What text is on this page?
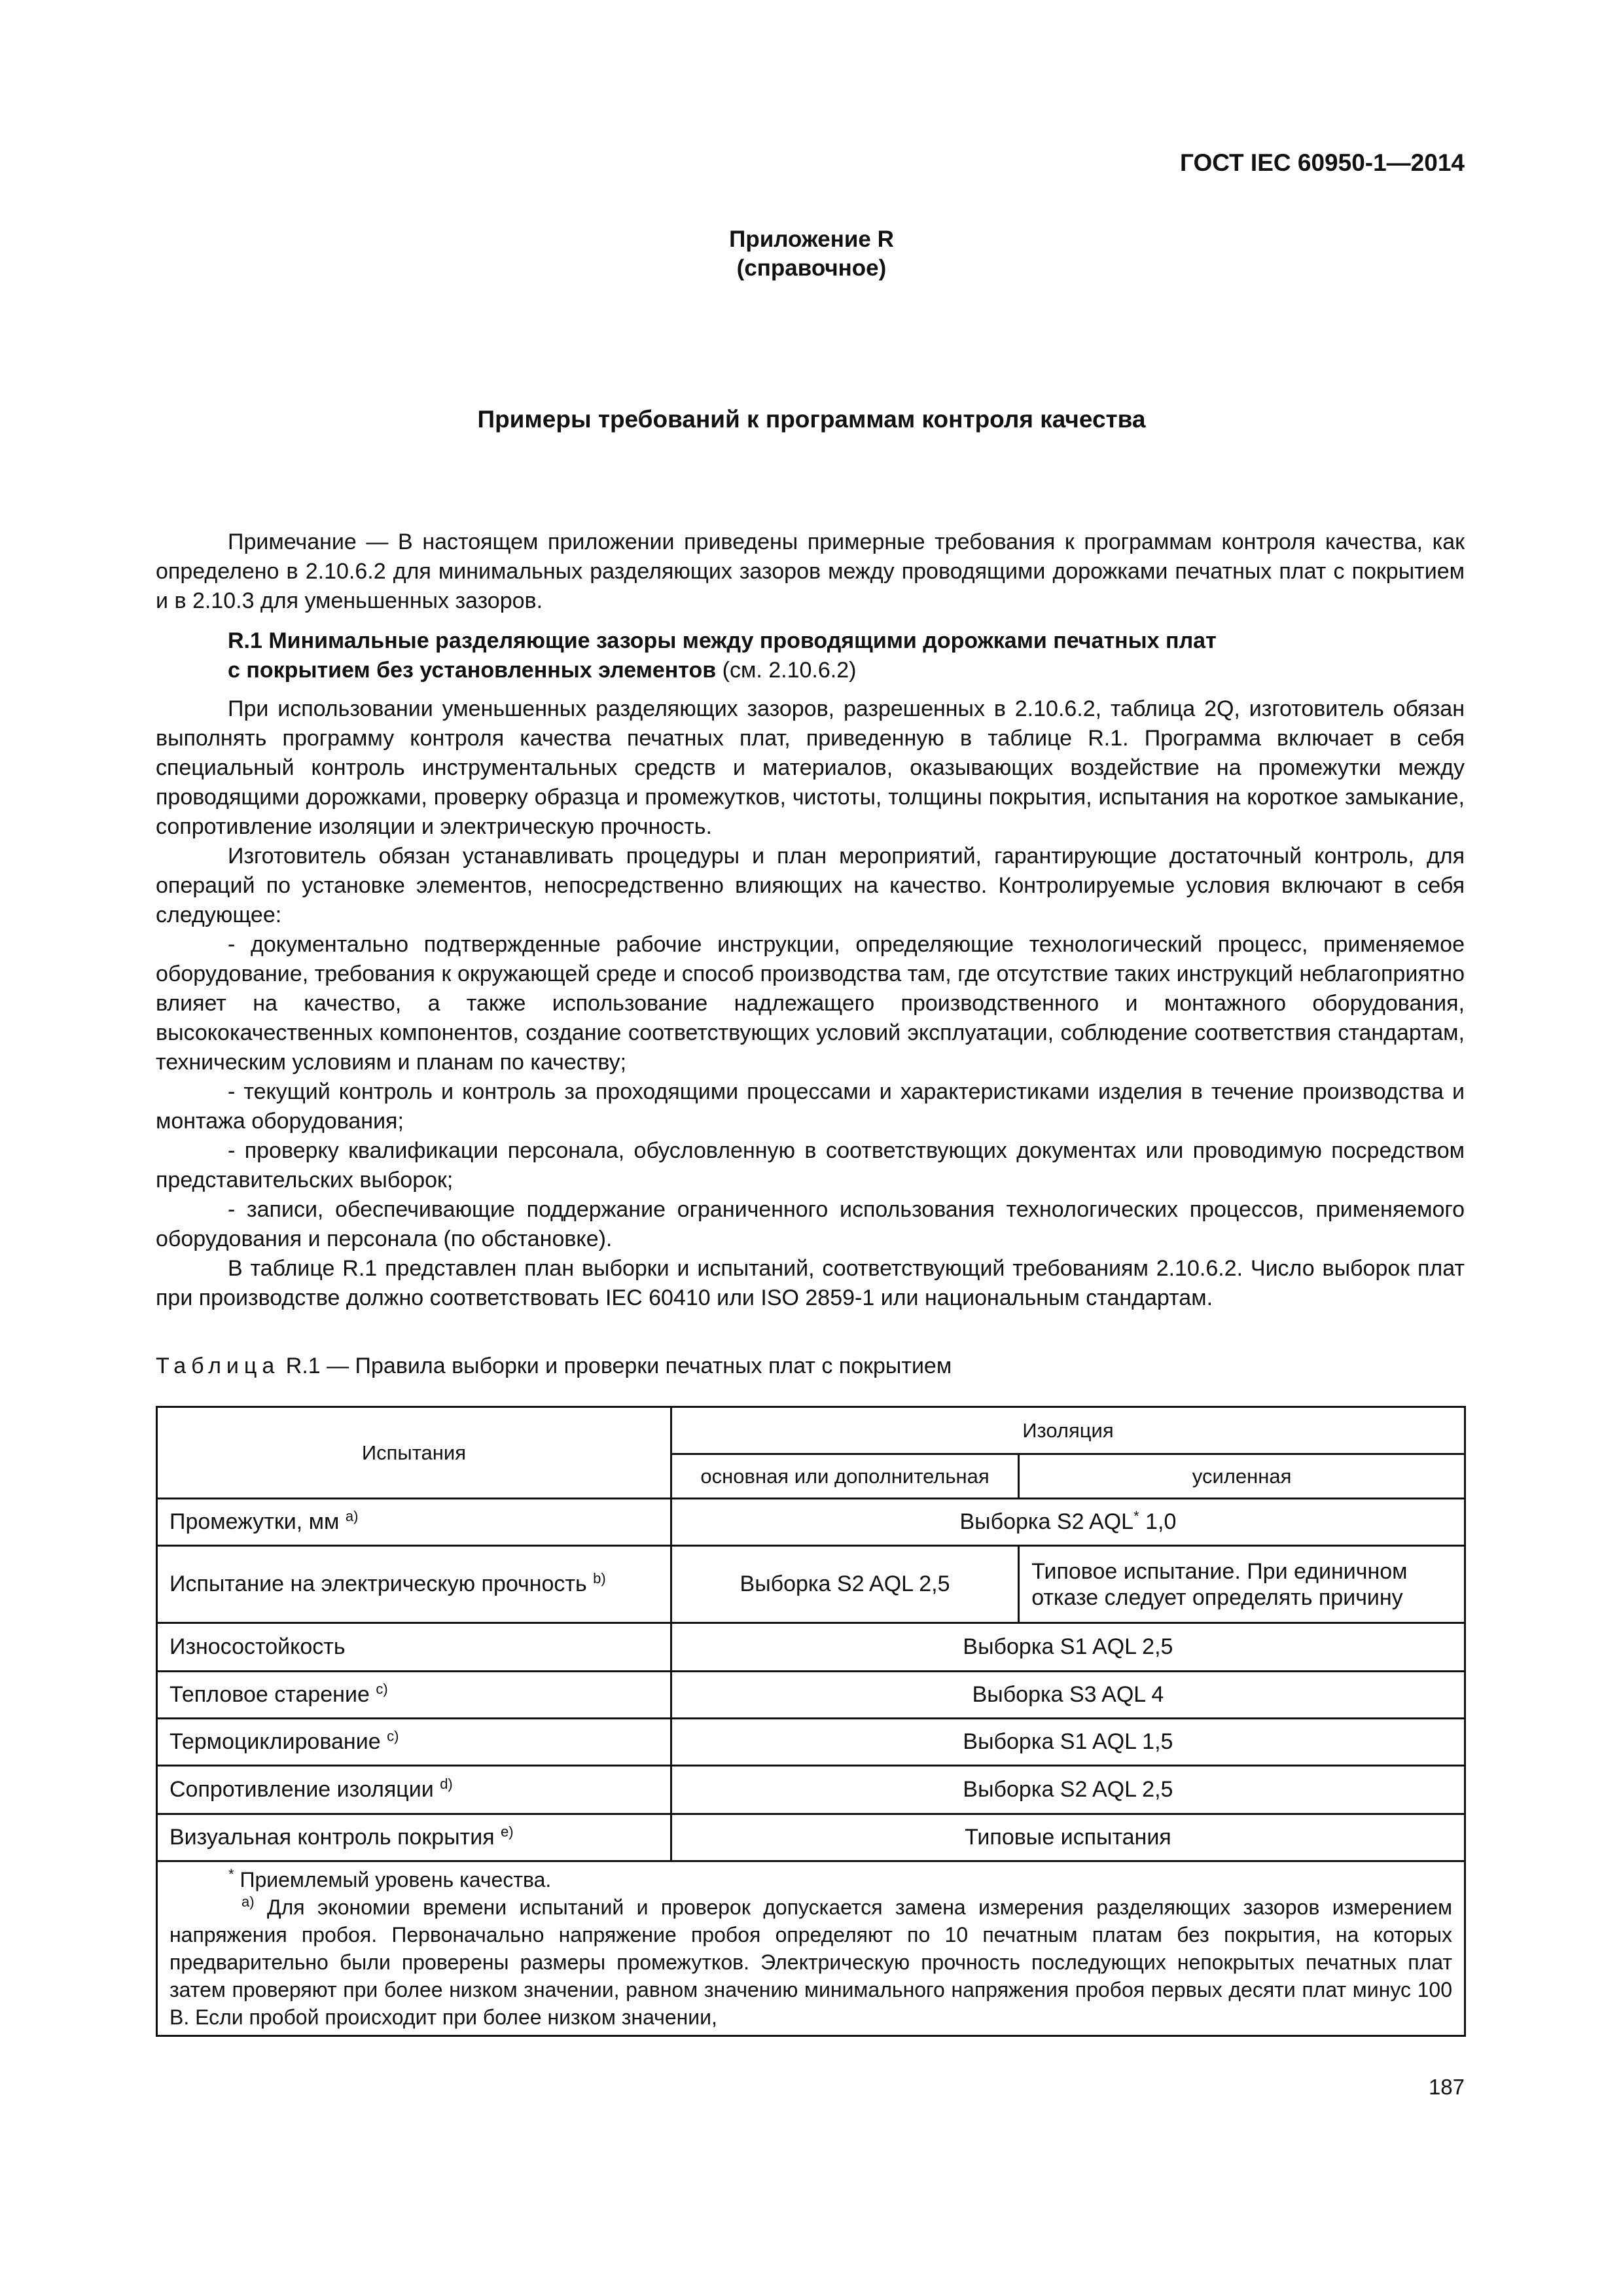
ГОСТ IEC 60950-1—2014
Приложение R
(справочное)
Примеры требований к программам контроля качества

Примечание — В настоящем приложении приведены примерные требования к программам контроля качества, как определено в 2.10.6.2 для минимальных разделяющих зазоров между проводящими дорожками печатных плат с покрытием и в 2.10.3 для уменьшенных зазоров.

R.1 Минимальные разделяющие зазоры между проводящими дорожками печатных плат
с покрытием без установленных элементов (см. 2.10.6.2)

При использовании уменьшенных разделяющих зазоров, разрешенных в 2.10.6.2, таблица 2Q, изготовитель обязан выполнять программу контроля качества печатных плат, приведенную в таблице R.1. Программа включает в себя специальный контроль инструментальных средств и материалов, оказывающих воздействие на промежутки между проводящими дорожками, проверку образца и промежутков, чистоты, толщины покрытия, испытания на короткое замыкание, сопротивление изоляции и электрическую прочность.

Изготовитель обязан устанавливать процедуры и план мероприятий, гарантирующие достаточный контроль, для операций по установке элементов, непосредственно влияющих на качество. Контролируемые условия включают в себя следующее:

- документально подтвержденные рабочие инструкции, определяющие технологический процесс, применяемое оборудование, требования к окружающей среде и способ производства там, где отсутствие таких инструкций неблагоприятно влияет на качество, а также использование надлежащего производственного и монтажного оборудования, высококачественных компонентов, создание соответствующих условий эксплуатации, соблюдение соответствия стандартам, техническим условиям и планам по качеству;

- текущий контроль и контроль за проходящими процессами и характеристиками изделия в течение производства и монтажа оборудования;

- проверку квалификации персонала, обусловленную в соответствующих документах или проводимую посредством представительских выборок;

- записи, обеспечивающие поддержание ограниченного использования технологических процессов, применяемого оборудования и персонала (по обстановке).

В таблице R.1 представлен план выборки и испытаний, соответствующий требованиям 2.10.6.2. Число выборок плат при производстве должно соответствовать IEC 60410 или ISO 2859-1 или национальным стандартам.

Таблица R.1 — Правила выборки и проверки печатных плат с покрытием
Испытания	Изоляция	
	основная или дополнительная	усиленная
Промежутки, мм $^{а)}$	Выборка S2 AQL* 1,0	
Испытание на электрическую прочность $^{b)}$	Выборка S2 AQL 2,5	Типовое испытание. При единичном отказе следует определять причину
Износостойкость	Выборка S1 AQL 2,5	
Тепловое старение $^{c)}$	Выборка S3 AQL 4	
Термоциклирование $^{c)}$	Выборка S1 AQL 1,5	
Сопротивление изоляции $^{d)}$	Выборка S2 AQL 2,5	
Визуальная контроль покрытия $^{e)}$	Типовые испытания	

* Приемлемый уровень качества.
$^{а)}$ Для экономии времени испытаний и проверок допускается замена измерения разделяющих зазоров измерением напряжения пробоя. Первоначально напряжение пробоя определяют по 10 печатным платам без покрытия, на которых предварительно были проверены размеры промежутков. Электрическую прочность последующих непокрытых печатных плат затем проверяют при более низком значении, равном значению минимального напряжения пробоя первых десяти плат минус 100 В. Если пробой происходит при более низком значении,		
187
